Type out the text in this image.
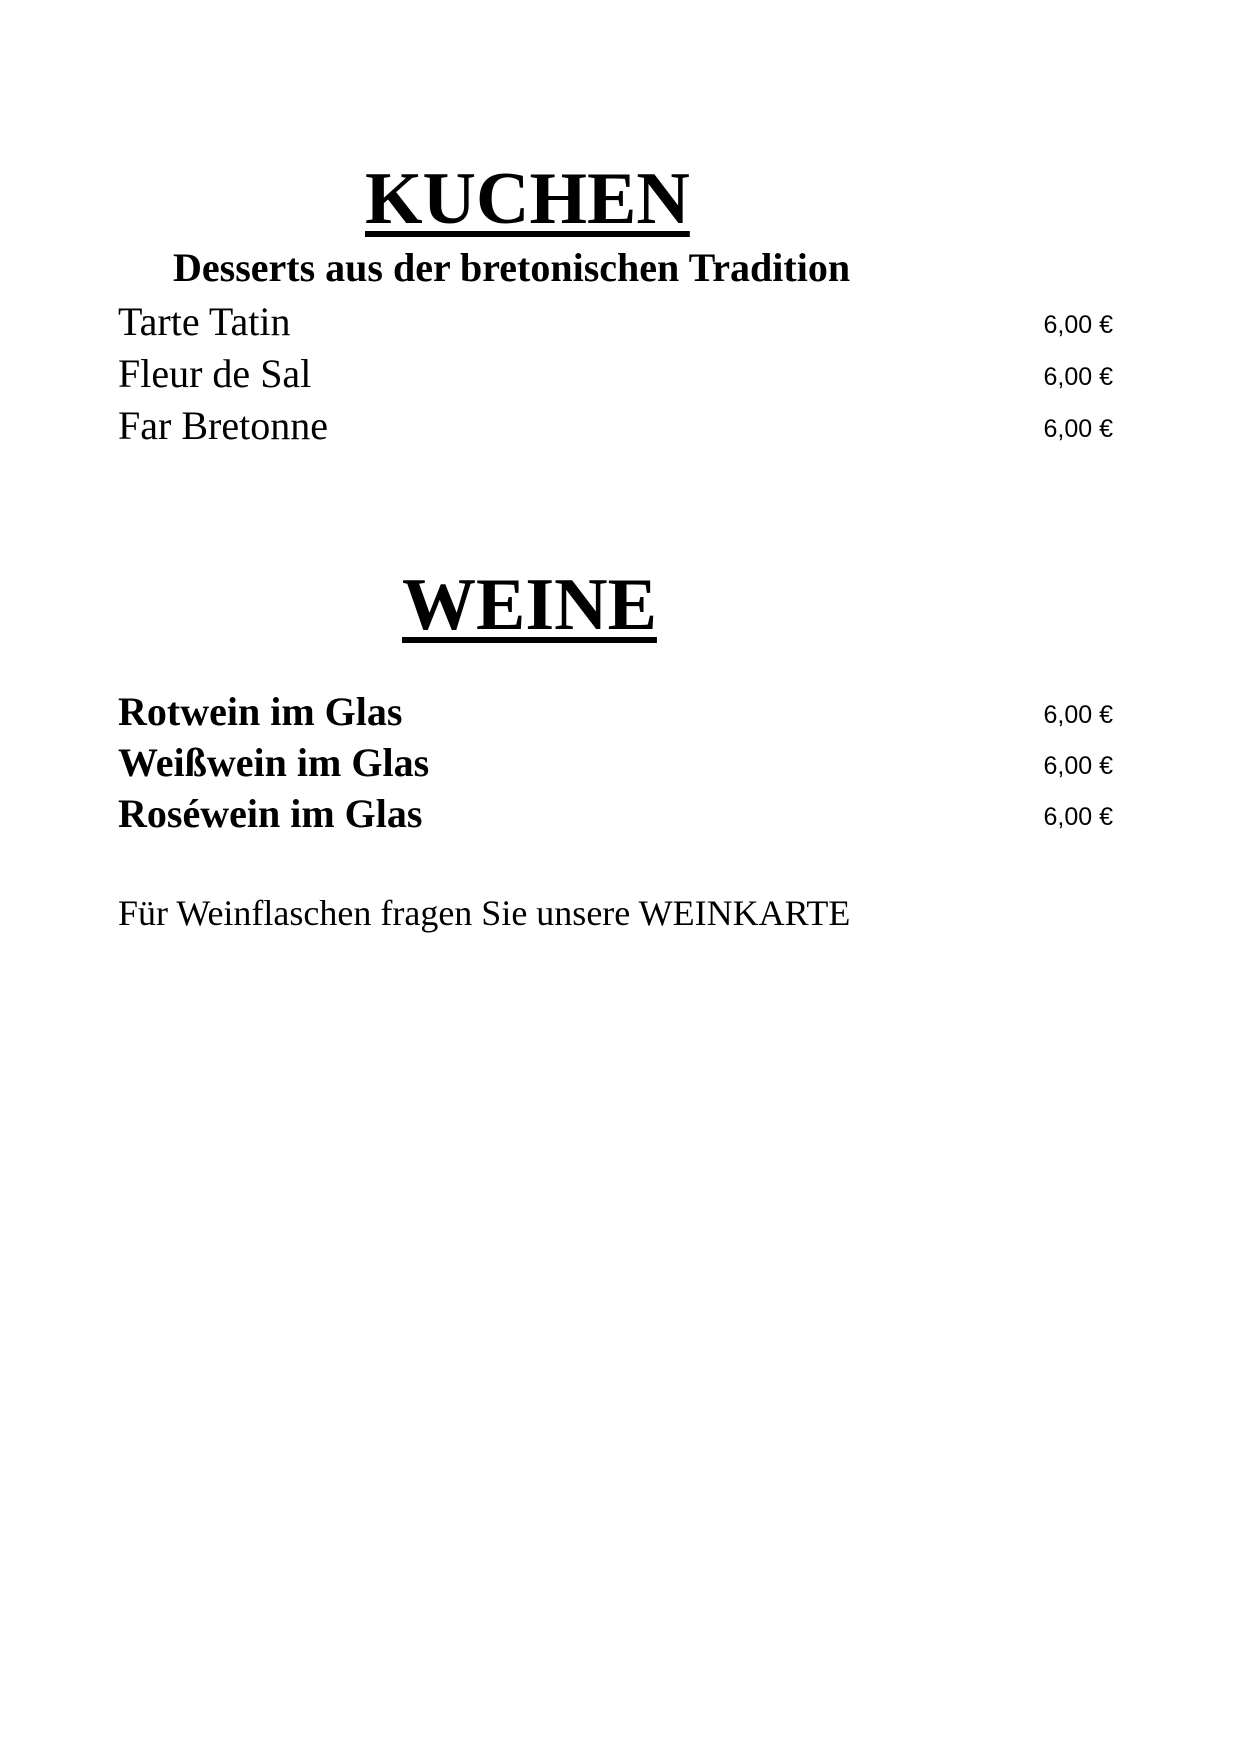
KUCHEN
Desserts aus der bretonischen Tradition
Tarte Tatin	6,00 €
Fleur de Sal	6,00 €
Far Bretonne	6,00 €
WEINE
Rotwein im Glas	6,00 €
Weißwein im Glas	6,00 €
Roséwein im Glas	6,00 €

Für Weinflaschen fragen Sie unsere WEINKARTE
